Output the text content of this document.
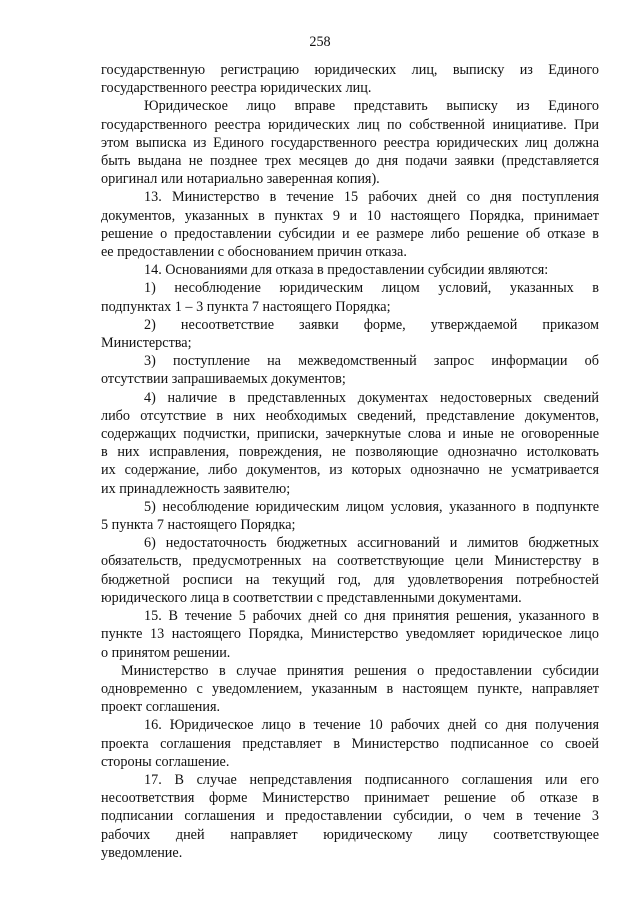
258
государственную регистрацию юридических лиц, выписку из Единого
государственного реестра юридических лиц.
Юридическое лицо вправе представить выписку из Единого
государственного реестра юридических лиц по собственной инициативе. При
этом выписка из Единого государственного реестра юридических лиц должна
быть выдана не позднее трех месяцев до дня подачи заявки (представляется
оригинал или нотариально заверенная копия).
13. Министерство в течение 15 рабочих дней со дня поступления
документов, указанных в пунктах 9 и 10 настоящего Порядка, принимает
решение о предоставлении субсидии и ее размере либо решение об отказе в
ее предоставлении с обоснованием причин отказа.
14. Основаниями для отказа в предоставлении субсидии являются:
1) несоблюдение юридическим лицом условий, указанных в
подпунктах 1 – 3 пункта 7 настоящего Порядка;
2) несоответствие заявки форме, утверждаемой приказом
Министерства;
3) поступление на межведомственный запрос информации об
отсутствии запрашиваемых документов;
4) наличие в представленных документах недостоверных сведений
либо отсутствие в них необходимых сведений, представление документов,
содержащих подчистки, приписки, зачеркнутые слова и иные не оговоренные
в них исправления, повреждения, не позволяющие однозначно истолковать
их содержание, либо документов, из которых однозначно не усматривается
их принадлежность заявителю;
5) несоблюдение юридическим лицом условия, указанного в подпункте
5 пункта 7 настоящего Порядка;
6) недостаточность бюджетных ассигнований и лимитов бюджетных
обязательств, предусмотренных на соответствующие цели Министерству в
бюджетной росписи на текущий год, для удовлетворения потребностей
юридического лица в соответствии с представленными документами.
15. В течение 5 рабочих дней со дня принятия решения, указанного в
пункте 13 настоящего Порядка, Министерство уведомляет юридическое лицо
о принятом решении.
Министерство в случае принятия решения о предоставлении субсидии
одновременно с уведомлением, указанным в настоящем пункте, направляет
проект соглашения.
16. Юридическое лицо в течение 10 рабочих дней со дня получения
проекта соглашения представляет в Министерство подписанное со своей
стороны соглашение.
17. В случае непредставления подписанного соглашения или его
несоответствия форме Министерство принимает решение об отказе в
подписании соглашения и предоставлении субсидии, о чем в течение 3
рабочих дней направляет юридическому лицу соответствующее
уведомление.
